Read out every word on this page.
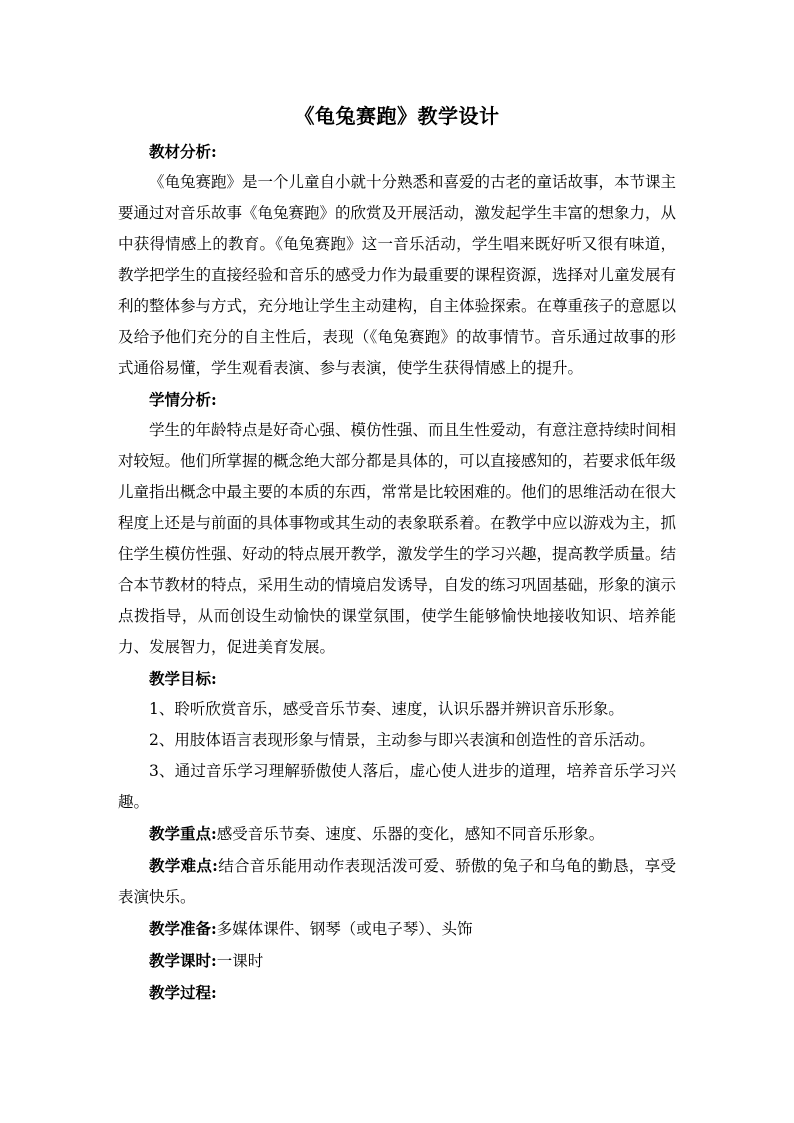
《龟兔赛跑》教学设计

教材分析:

《龟兔赛跑》是一个儿童自小就十分熟悉和喜爱的古老的童话故事，本节课主要通过对音乐故事《龟兔赛跑》的欣赏及开展活动，激发起学生丰富的想象力，从中获得情感上的教育。《龟兔赛跑》这一音乐活动，学生唱来既好听又很有味道，教学把学生的直接经验和音乐的感受力作为最重要的课程资源，选择对儿童发展有利的整体参与方式，充分地让学生主动建构，自主体验探索。在尊重孩子的意愿以及给予他们充分的自主性后，表现（《龟兔赛跑》的故事情节。音乐通过故事的形式通俗易懂，学生观看表演、参与表演，使学生获得情感上的提升。

学情分析:

学生的年龄特点是好奇心强、模仿性强、而且生性爱动，有意注意持续时间相对较短。他们所掌握的概念绝大部分都是具体的，可以直接感知的，若要求低年级儿童指出概念中最主要的本质的东西，常常是比较困难的。他们的思维活动在很大程度上还是与前面的具体事物或其生动的表象联系着。在教学中应以游戏为主，抓住学生模仿性强、好动的特点展开教学，激发学生的学习兴趣，提高教学质量。结合本节教材的特点，采用生动的情境启发诱导，自发的练习巩固基础，形象的演示点拨指导，从而创设生动愉快的课堂氛围，使学生能够愉快地接收知识、培养能力、发展智力，促进美育发展。

教学目标:

1、聆听欣赏音乐，感受音乐节奏、速度，认识乐器并辨识音乐形象。

2、用肢体语言表现形象与情景，主动参与即兴表演和创造性的音乐活动。

3、通过音乐学习理解骄傲使人落后，虚心使人进步的道理，培养音乐学习兴趣。

教学重点:感受音乐节奏、速度、乐器的变化，感知不同音乐形象。

教学难点:结合音乐能用动作表现活泼可爱、骄傲的兔子和乌龟的勤恳，享受表演快乐。

教学准备:多媒体课件、钢琴（或电子琴）、头饰

教学课时:一课时

教学过程:
